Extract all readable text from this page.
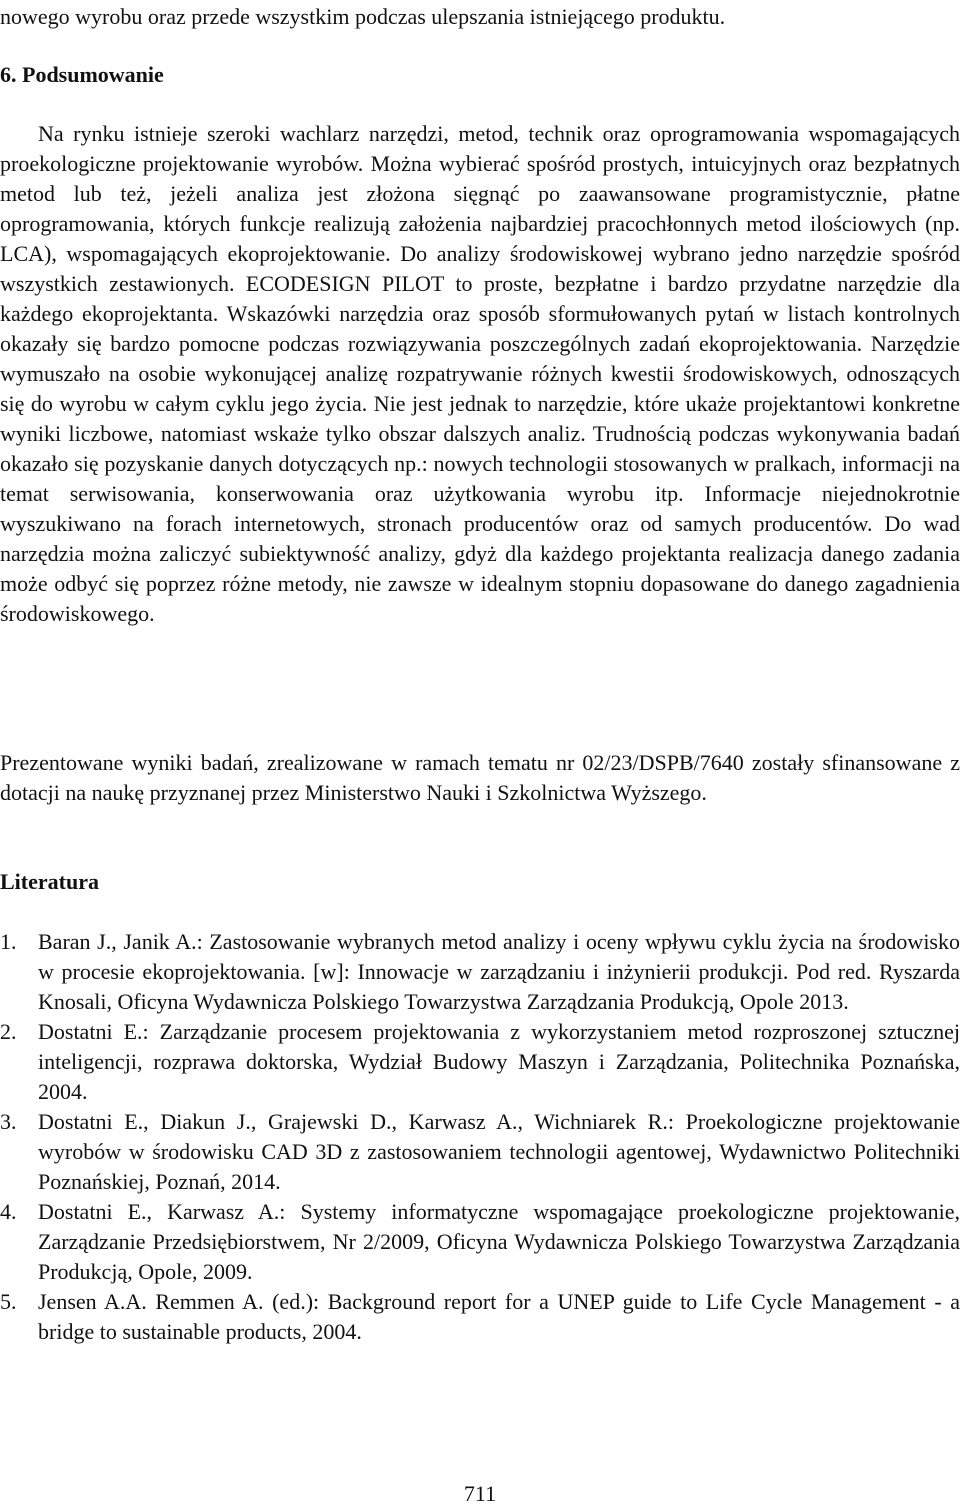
nowego wyrobu oraz przede wszystkim podczas ulepszania istniejącego produktu.

6. Podsumowanie

Na rynku istnieje szeroki wachlarz narzędzi, metod, technik oraz oprogramowania wspomagających proekologiczne projektowanie wyrobów. Można wybierać spośród prostych, intuicyjnych oraz bezpłatnych metod lub też, jeżeli analiza jest złożona sięgnąć po zaawansowane programistycznie, płatne oprogramowania, których funkcje realizują założenia najbardziej pracochłonnych metod ilościowych (np. LCA), wspomagających ekoprojektowanie. Do analizy środowiskowej wybrano jedno narzędzie spośród wszystkich zestawionych. ECODESIGN PILOT to proste, bezpłatne i bardzo przydatne narzędzie dla każdego ekoprojektanta. Wskazówki narzędzia oraz sposób sformułowanych pytań w listach kontrolnych okazały się bardzo pomocne podczas rozwiązywania poszczególnych zadań ekoprojektowania. Narzędzie wymuszało na osobie wykonującej analizę rozpatrywanie różnych kwestii środowiskowych, odnoszących się do wyrobu w całym cyklu jego życia. Nie jest jednak to narzędzie, które ukaże projektantowi konkretne wyniki liczbowe, natomiast wskaże tylko obszar dalszych analiz. Trudnością podczas wykonywania badań okazało się pozyskanie danych dotyczących np.: nowych technologii stosowanych w pralkach, informacji na temat serwisowania, konserwowania oraz użytkowania wyrobu itp. Informacje niejednokrotnie wyszukiwano na forach internetowych, stronach producentów oraz od samych producentów. Do wad narzędzia można zaliczyć subiektywność analizy, gdyż dla każdego projektanta realizacja danego zadania może odbyć się poprzez różne metody, nie zawsze w idealnym stopniu dopasowane do danego zagadnienia środowiskowego.

Prezentowane wyniki badań, zrealizowane w ramach tematu nr 02/23/DSPB/7640 zostały sfinansowane z dotacji na naukę przyznanej przez Ministerstwo Nauki i Szkolnictwa Wyższego.

Literatura
1. Baran J., Janik A.: Zastosowanie wybranych metod analizy i oceny wpływu cyklu życia na środowisko w procesie ekoprojektowania. [w]: Innowacje w zarządzaniu i inżynierii produkcji. Pod red. Ryszarda Knosali, Oficyna Wydawnicza Polskiego Towarzystwa Zarządzania Produkcją, Opole 2013.
2. Dostatni E.: Zarządzanie procesem projektowania z wykorzystaniem metod rozproszonej sztucznej inteligencji, rozprawa doktorska, Wydział Budowy Maszyn i Zarządzania, Politechnika Poznańska, 2004.
3. Dostatni E., Diakun J., Grajewski D., Karwasz A., Wichniarek R.: Proekologiczne projektowanie wyrobów w środowisku CAD 3D z zastosowaniem technologii agentowej, Wydawnictwo Politechniki Poznańskiej, Poznań, 2014.
4. Dostatni E., Karwasz A.: Systemy informatyczne wspomagające proekologiczne projektowanie, Zarządzanie Przedsiębiorstwem, Nr 2/2009, Oficyna Wydawnicza Polskiego Towarzystwa Zarządzania Produkcją, Opole, 2009.
5. Jensen A.A. Remmen A. (ed.): Background report for a UNEP guide to Life Cycle Management - a bridge to sustainable products, 2004.
711
